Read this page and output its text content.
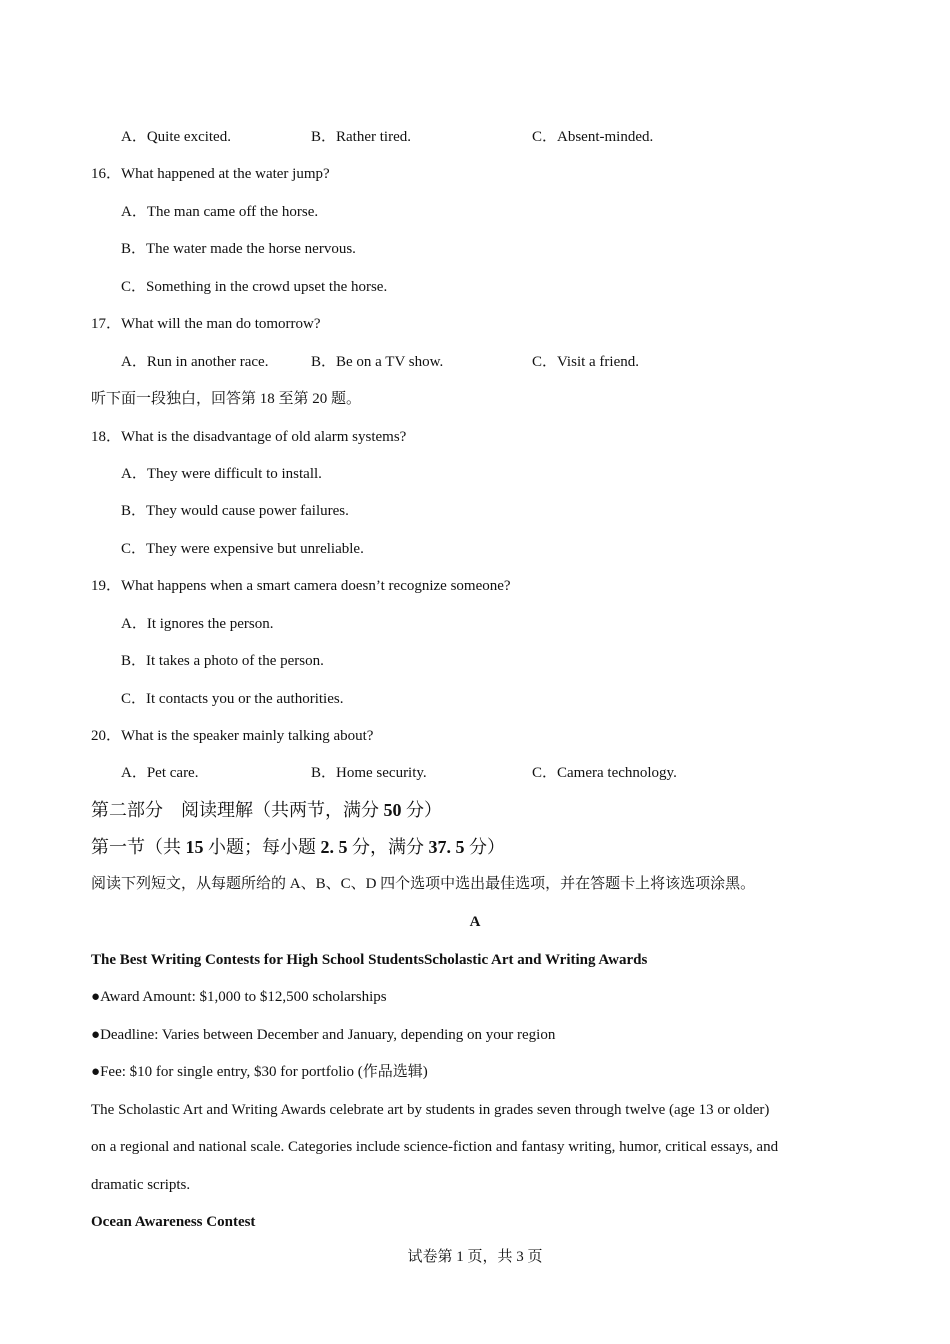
A．Quite excited.	B．Rather tired.	C．Absent-minded.
16．What happened at the water jump?
A．The man came off the horse.
B．The water made the horse nervous.
C．Something in the crowd upset the horse.
17．What will the man do tomorrow?
A．Run in another race.	B．Be on a TV show.	C．Visit a friend.
听下面一段独白，回答第 18 至第 20 题。
18．What is the disadvantage of old alarm systems?
A．They were difficult to install.
B．They would cause power failures.
C．They were expensive but unreliable.
19．What happens when a smart camera doesn’t recognize someone?
A．It ignores the person.
B．It takes a photo of the person.
C．It contacts you or the authorities.
20．What is the speaker mainly talking about?
A．Pet care.	B．Home security.	C．Camera technology.
第二部分　阅读理解（共两节，满分 50 分）
第一节（共 15 小题；每小题 2. 5 分，满分 37. 5 分）
阅读下列短文，从每题所给的 A、B、C、D 四个选项中选出最佳选项，并在答题卡上将该选项涂黑。
A
The Best Writing Contests for High School StudentsScholastic Art and Writing Awards
●Award Amount: $1,000 to $12,500 scholarships
●Deadline: Varies between December and January, depending on your region
●Fee: $10 for single entry, $30 for portfolio (作品选辑)
The Scholastic Art and Writing Awards celebrate art by students in grades seven through twelve (age 13 or older)
on a regional and national scale. Categories include science-fiction and fantasy writing, humor, critical essays, and
dramatic scripts.
Ocean Awareness Contest
试卷第 1 页，共 3 页
